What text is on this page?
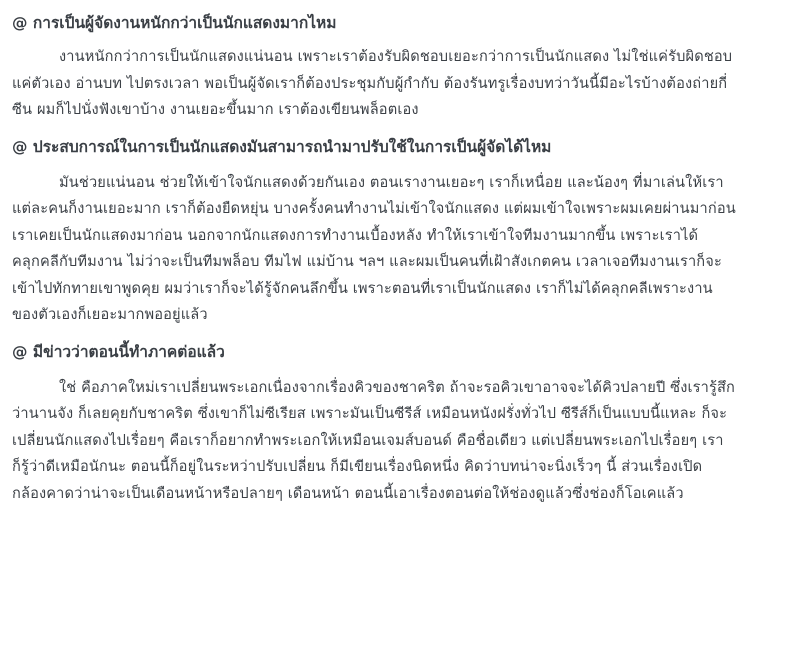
@ การเป็นผู้จัดงานหนักกว่าเป็นนักแสดงมากไหม

งานหนักกว่าการเป็นนักแสดงแน่นอน เพราะเราต้องรับผิดชอบเยอะกว่าการเป็นนักแสดง ไม่ใช่แค่รับผิดชอบ
แค่ตัวเอง อ่านบท ไปตรงเวลา พอเป็นผู้จัดเราก็ต้องประชุมกับผู้กำกับ ต้องรันทรูเรื่องบทว่าวันนี้มีอะไรบ้างต้องถ่ายกี่
ซีน ผมก็ไปนั่งฟังเขาบ้าง งานเยอะขึ้นมาก เราต้องเขียนพล็อตเอง

@ ประสบการณ์ในการเป็นนักแสดงมันสามารถนำมาปรับใช้ในการเป็นผู้จัดได้ไหม

มันช่วยแน่นอน ช่วยให้เข้าใจนักแสดงด้วยกันเอง ตอนเรางานเยอะๆ เราก็เหนื่อย และน้องๆ ที่มาเล่นให้เรา
แต่ละคนก็งานเยอะมาก เราก็ต้องยืดหยุ่น บางครั้งคนทำงานไม่เข้าใจนักแสดง แต่ผมเข้าใจเพราะผมเคยผ่านมาก่อน
เราเคยเป็นนักแสดงมาก่อน นอกจากนักแสดงการทำงานเบื้องหลัง ทำให้เราเข้าใจทีมงานมากขึ้น เพราะเราได้
คลุกคลีกับทีมงาน ไม่ว่าจะเป็นทีมพล็อบ ทีมไฟ แม่บ้าน ฯลฯ และผมเป็นคนที่เฝ้าสังเกตคน เวลาเจอทีมงานเราก็จะ
เข้าไปทักทายเขาพูดคุย ผมว่าเราก็จะได้รู้จักคนลึกขึ้น เพราะตอนที่เราเป็นนักแสดง เราก็ไม่ได้คลุกคลีเพราะงาน
ของตัวเองก็เยอะมากพออยู่แล้ว

@ มีข่าวว่าตอนนี้ทำภาคต่อแล้ว

ใช่ คือภาคใหม่เราเปลี่ยนพระเอกเนื่องจากเรื่องคิวของชาคริต ถ้าจะรอคิวเขาอาจจะได้คิวปลายปี ซึ่งเรารู้สึก
ว่านานจัง ก็เลยคุยกับชาคริต ซึ่งเขาก็ไม่ซีเรียส เพราะมันเป็นซีรีส์ เหมือนหนังฝรั่งทั่วไป ซีรีส์ก็เป็นแบบนี้แหละ ก็จะ
เปลี่ยนนักแสดงไปเรื่อยๆ คือเราก็อยากทำพระเอกให้เหมือนเจมส์บอนด์ คือชื่อเดียว แต่เปลี่ยนพระเอกไปเรื่อยๆ เรา
ก็รู้ว่าดีเหมือนักนะ ตอนนี้ก็อยู่ในระหว่าปรับเปลี่ยน ก็มีเขียนเรื่องนิดหนึ่ง คิดว่าบทน่าจะนิ่งเร็วๆ นี้ ส่วนเรื่องเปิด
กล้องคาดว่าน่าจะเป็นเดือนหน้าหรือปลายๆ เดือนหน้า ตอนนี้เอาเรื่องตอนต่อให้ช่องดูแล้วซึ่งช่องก็โอเคแล้ว
